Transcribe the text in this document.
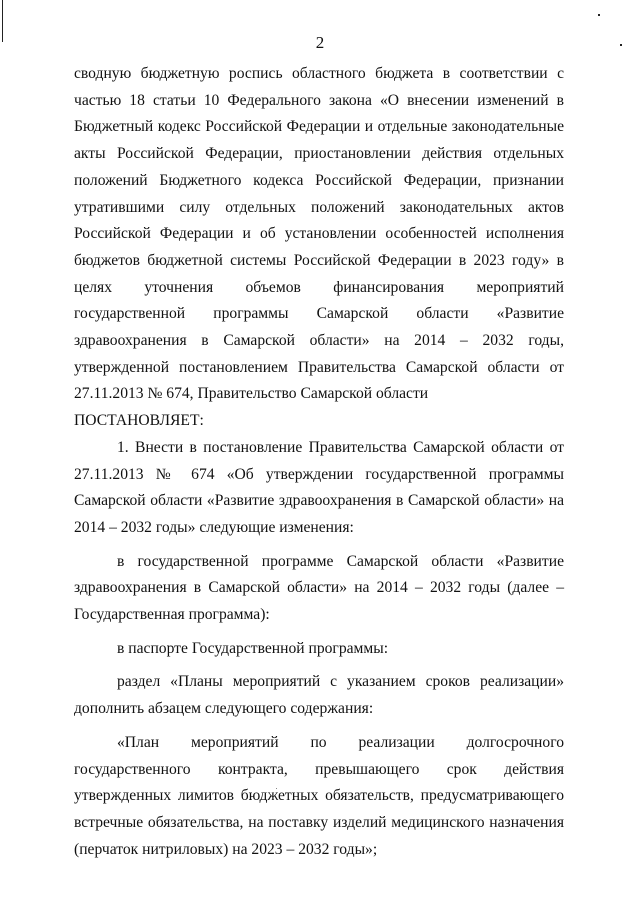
2

сводную бюджетную роспись областного бюджета в соответствии с частью 18 статьи 10 Федерального закона «О внесении изменений в Бюджетный кодекс Российской Федерации и отдельные законодательные акты Российской Федерации, приостановлении действия отдельных положений Бюджетного кодекса Российской Федерации, признании утратившими силу отдельных положений законодательных актов Российской Федерации и об установлении особенностей исполнения бюджетов бюджетной системы Российской Федерации в 2023 году» в целях уточнения объемов финансирования мероприятий государственной программы Самарской области «Развитие здравоохранения в Самарской области» на 2014 – 2032 годы, утвержденной постановлением Правительства Самарской области от 27.11.2013 № 674, Правительство Самарской области

ПОСТАНОВЛЯЕТ:

1. Внести в постановление Правительства Самарской области от 27.11.2013 № 674 «Об утверждении государственной программы Самарской области «Развитие здравоохранения в Самарской области» на 2014 – 2032 годы» следующие изменения:

в государственной программе Самарской области «Развитие здравоохранения в Самарской области» на 2014 – 2032 годы (далее – Государственная программа):

в паспорте Государственной программы:

раздел «Планы мероприятий с указанием сроков реализации» дополнить абзацем следующего содержания:

«План мероприятий по реализации долгосрочного государственного контракта, превышающего срок действия утвержденных лимитов бюджетных обязательств, предусматривающего встречные обязательства, на поставку изделий медицинского назначения (перчаток нитриловых) на 2023 – 2032 годы»;
